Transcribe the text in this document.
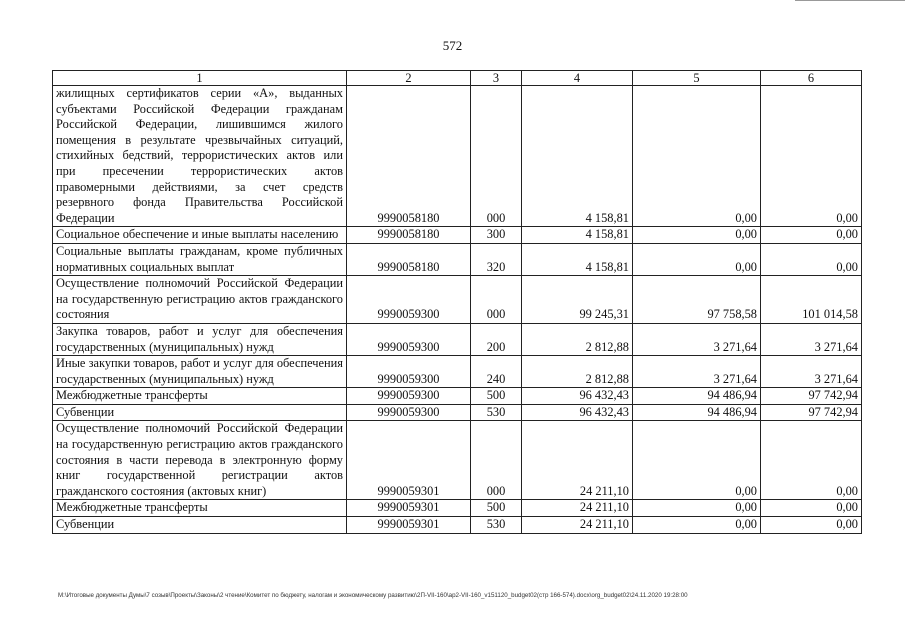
572
1	2	3	4	5	6
жилищных сертификатов серии «А», выданных субъектами Российской Федерации гражданам Российской Федерации, лишившимся жилого помещения в результате чрезвычайных ситуаций, стихийных бедствий, террористических актов или при пресечении террористических актов правомерными действиями, за счет средств резервного фонда Правительства Российской Федерации	9990058180	000	4 158,81	0,00	0,00
Социальное обеспечение и иные выплаты населению	9990058180	300	4 158,81	0,00	0,00
Социальные выплаты гражданам, кроме публичных нормативных социальных выплат	9990058180	320	4 158,81	0,00	0,00
Осуществление полномочий Российской Федерации на государственную регистрацию актов гражданского состояния	9990059300	000	99 245,31	97 758,58	101 014,58
Закупка товаров, работ и услуг для обеспечения государственных (муниципальных) нужд	9990059300	200	2 812,88	3 271,64	3 271,64
Иные закупки товаров, работ и услуг для обеспечения государственных (муниципальных) нужд	9990059300	240	2 812,88	3 271,64	3 271,64
Межбюджетные трансферты	9990059300	500	96 432,43	94 486,94	97 742,94
Субвенции	9990059300	530	96 432,43	94 486,94	97 742,94
Осуществление полномочий Российской Федерации на государственную регистрацию актов гражданского состояния в части перевода в электронную форму книг государственной регистрации актов гражданского состояния (актовых книг)	9990059301	000	24 211,10	0,00	0,00
Межбюджетные трансферты	9990059301	500	24 211,10	0,00	0,00
Субвенции	9990059301	530	24 211,10	0,00	0,00
M:\Итоговые документы Думы\7 созыв\Проекты\Законы\2 чтение\Комитет по бюджету, налогам и экономическому развитию\2П-VII-160\ap2-VII-160_v151120_budget02(стр 166-574).docx\org_budget02\24.11.2020 19:28:00
